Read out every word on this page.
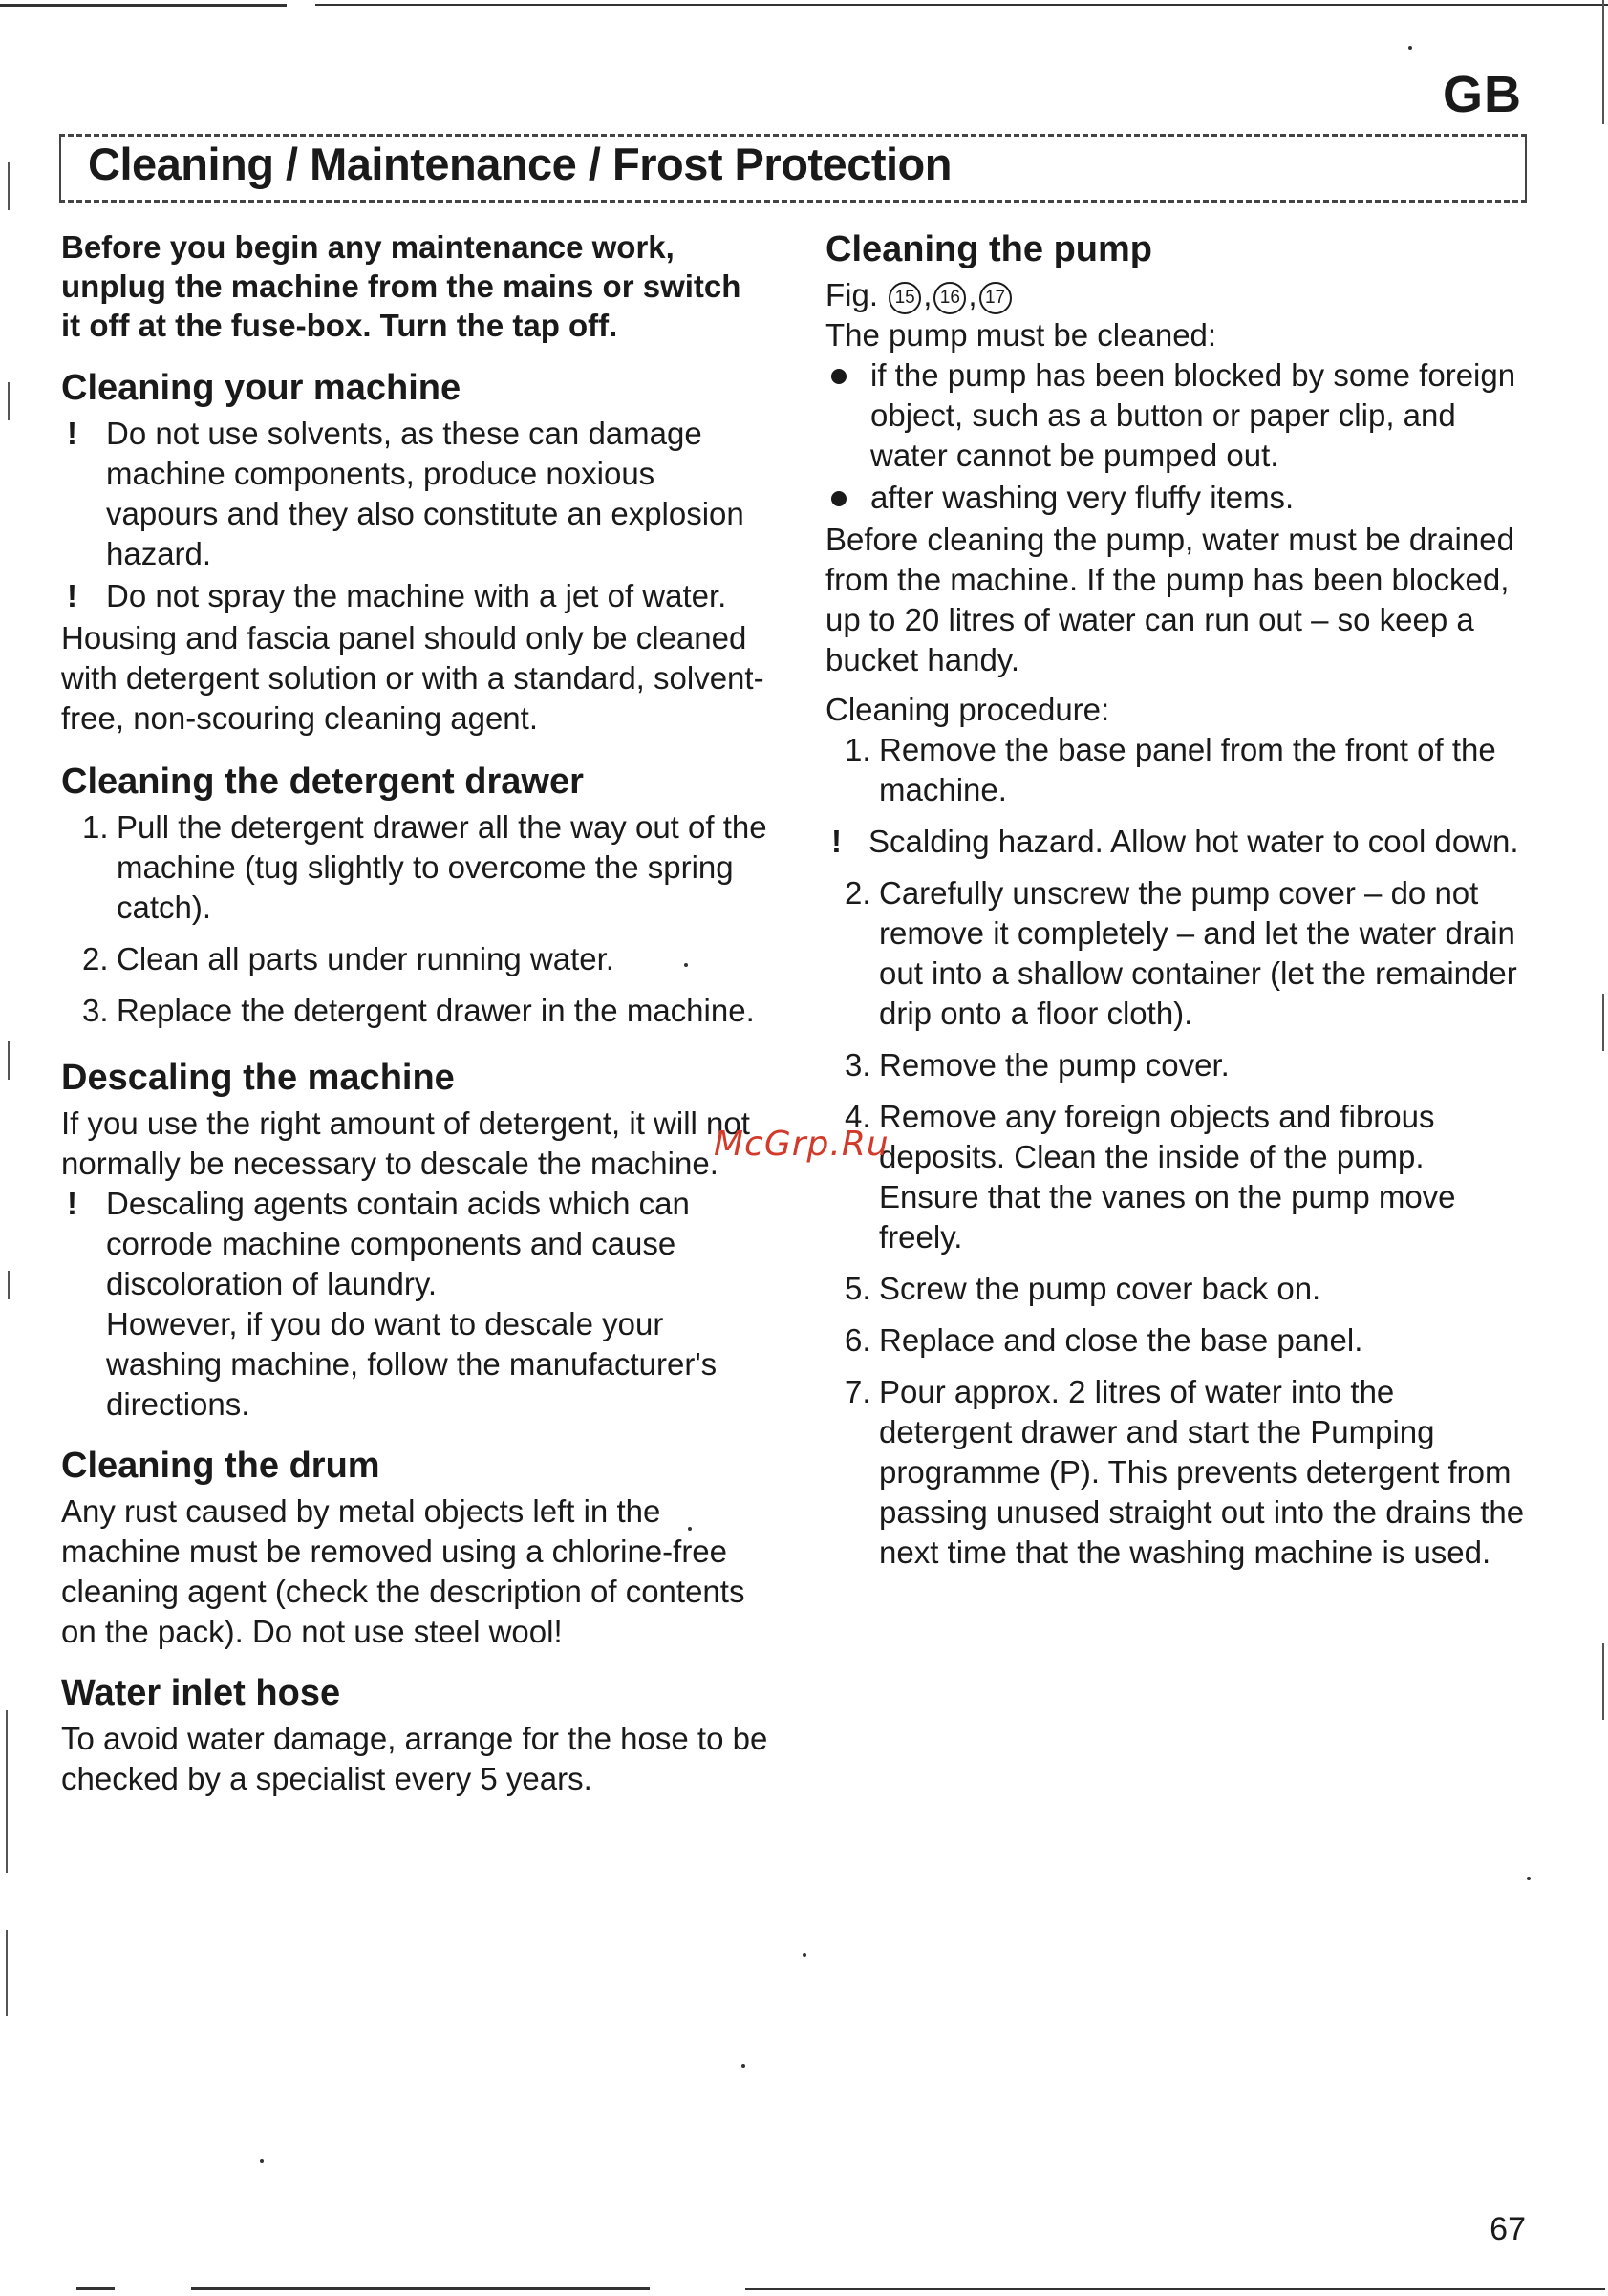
GB
Cleaning / Maintenance / Frost Protection

Before you begin any maintenance work, unplug the machine from the mains or switch it off at the fuse-box. Turn the tap off.

Cleaning your machine
! Do not use solvents, as these can damage machine components, produce noxious vapours and they also constitute an explosion hazard.
! Do not spray the machine with a jet of water.

Housing and fascia panel should only be cleaned with detergent solution or with a standard, solvent-free, non-scouring cleaning agent.

Cleaning the detergent drawer
1. Pull the detergent drawer all the way out of the machine (tug slightly to overcome the spring catch).
2. Clean all parts under running water.
3. Replace the detergent drawer in the machine.
Descaling the machine

If you use the right amount of detergent, it will not normally be necessary to descale the machine.

! Descaling agents contain acids which can corrode machine components and cause discoloration of laundry.
However, if you do want to descale your washing machine, follow the manufacturer's directions.
Cleaning the drum

Any rust caused by metal objects left in the machine must be removed using a chlorine-free cleaning agent (check the description of contents on the pack). Do not use steel wool!

Water inlet hose

To avoid water damage, arrange for the hose to be checked by a specialist every 5 years.

Cleaning the pump

Fig. 15 , 16 , 17

The pump must be cleaned:

if the pump has been blocked by some foreign object, such as a button or paper clip, and water cannot be pumped out.
after washing very fluffy items.

Before cleaning the pump, water must be drained from the machine. If the pump has been blocked, up to 20 litres of water can run out – so keep a bucket handy.

Cleaning procedure:

1. Remove the base panel from the front of the machine.
! Scalding hazard. Allow hot water to cool down.
2. Carefully unscrew the pump cover – do not remove it completely – and let the water drain out into a shallow container (let the remainder drip onto a floor cloth).
3. Remove the pump cover.
4. Remove any foreign objects and fibrous deposits. Clean the inside of the pump. Ensure that the vanes on the pump move freely.
5. Screw the pump cover back on.
6. Replace and close the base panel.
7. Pour approx. 2 litres of water into the detergent drawer and start the Pumping programme (P). This prevents detergent from passing unused straight out into the drains the next time that the washing machine is used.
McGrp.Ru
67
